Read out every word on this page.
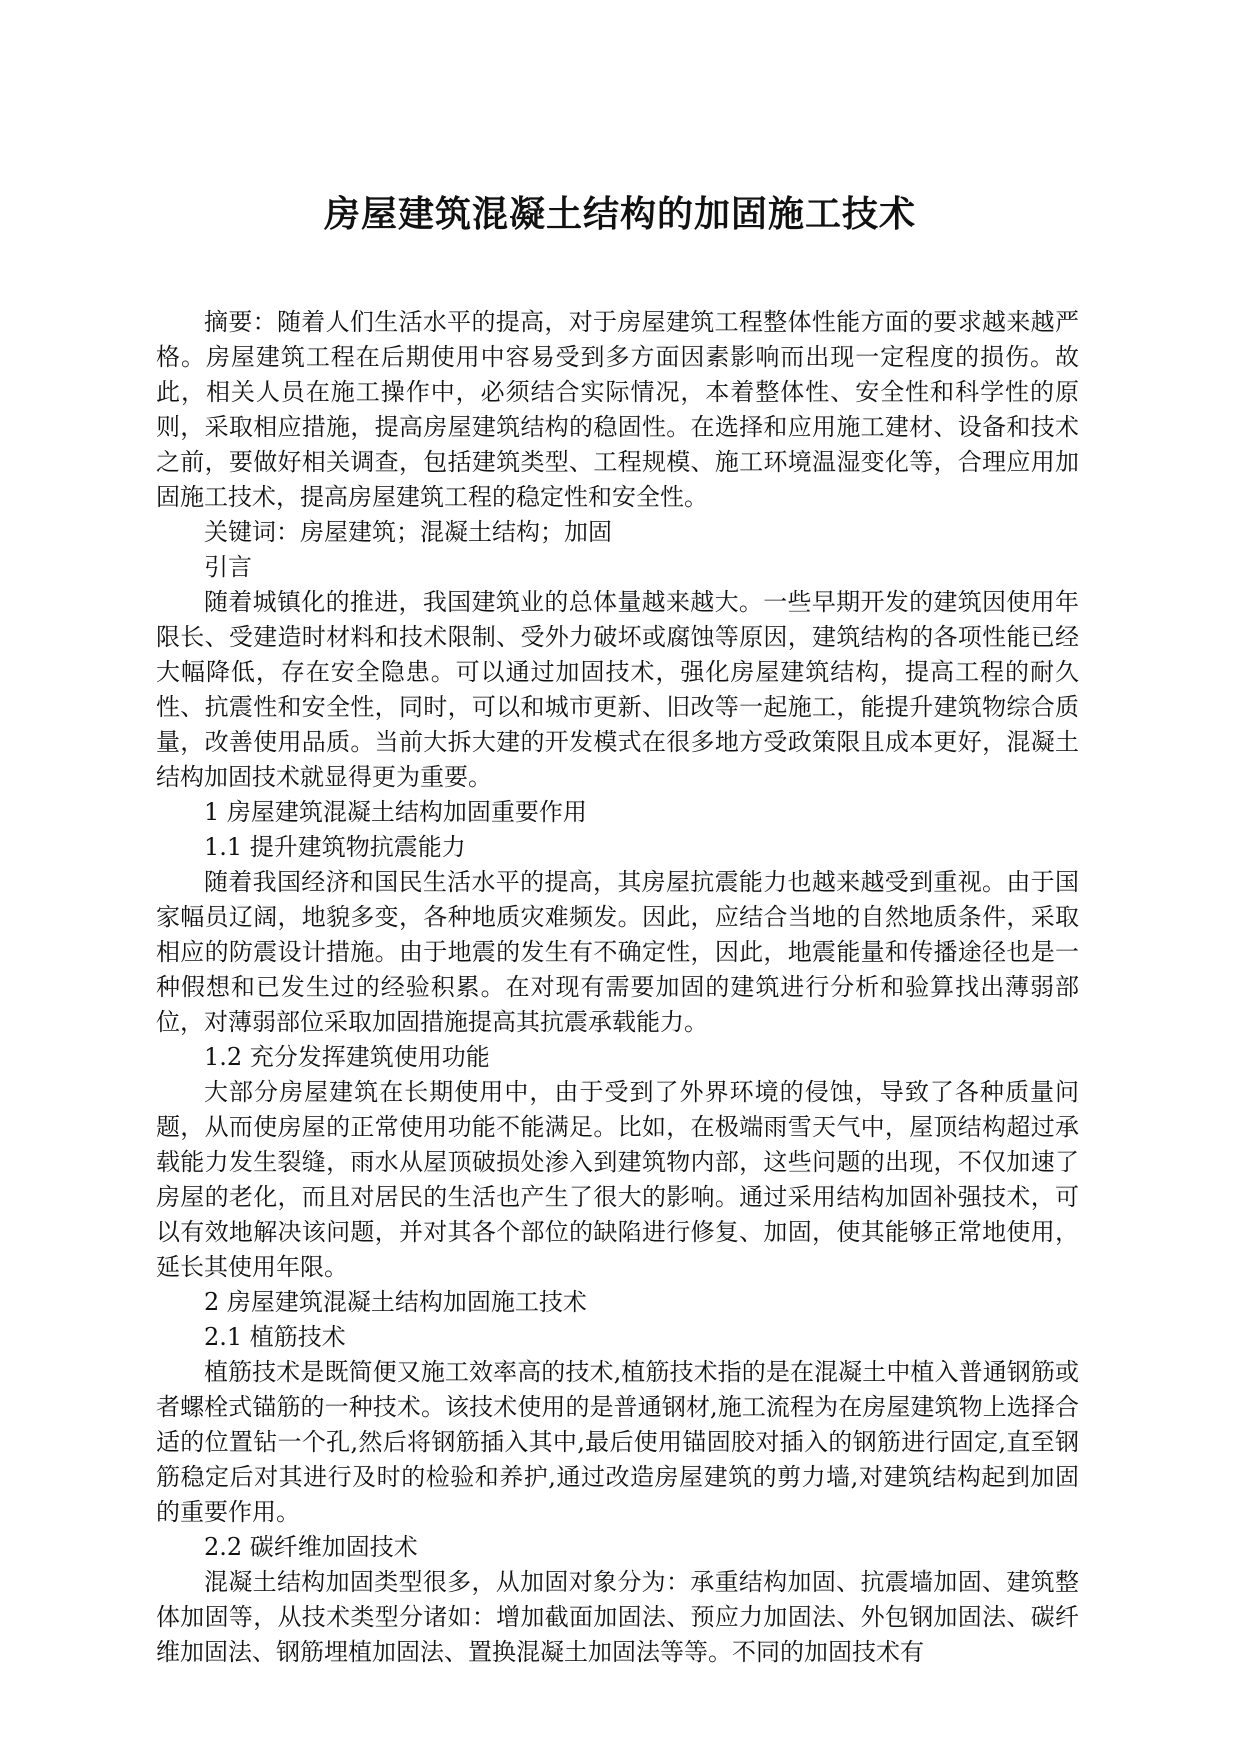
房屋建筑混凝土结构的加固施工技术

摘要：随着人们生活水平的提高，对于房屋建筑工程整体性能方面的要求越来越严格。房屋建筑工程在后期使用中容易受到多方面因素影响而出现一定程度的损伤。故此，相关人员在施工操作中，必须结合实际情况，本着整体性、安全性和科学性的原则，采取相应措施，提高房屋建筑结构的稳固性。在选择和应用施工建材、设备和技术之前，要做好相关调查，包括建筑类型、工程规模、施工环境温湿变化等，合理应用加固施工技术，提高房屋建筑工程的稳定性和安全性。

关键词：房屋建筑；混凝土结构；加固

引言

随着城镇化的推进，我国建筑业的总体量越来越大。一些早期开发的建筑因使用年限长、受建造时材料和技术限制、受外力破坏或腐蚀等原因，建筑结构的各项性能已经大幅降低，存在安全隐患。可以通过加固技术，强化房屋建筑结构，提高工程的耐久性、抗震性和安全性，同时，可以和城市更新、旧改等一起施工，能提升建筑物综合质量，改善使用品质。当前大拆大建的开发模式在很多地方受政策限且成本更好，混凝土结构加固技术就显得更为重要。

1 房屋建筑混凝土结构加固重要作用

1.1 提升建筑物抗震能力

随着我国经济和国民生活水平的提高，其房屋抗震能力也越来越受到重视。由于国家幅员辽阔，地貌多变，各种地质灾难频发。因此，应结合当地的自然地质条件，采取相应的防震设计措施。由于地震的发生有不确定性，因此，地震能量和传播途径也是一种假想和已发生过的经验积累。在对现有需要加固的建筑进行分析和验算找出薄弱部位，对薄弱部位采取加固措施提高其抗震承载能力。

1.2 充分发挥建筑使用功能

大部分房屋建筑在长期使用中，由于受到了外界环境的侵蚀，导致了各种质量问题，从而使房屋的正常使用功能不能满足。比如，在极端雨雪天气中，屋顶结构超过承载能力发生裂缝，雨水从屋顶破损处渗入到建筑物内部，这些问题的出现，不仅加速了房屋的老化，而且对居民的生活也产生了很大的影响。通过采用结构加固补强技术，可以有效地解决该问题，并对其各个部位的缺陷进行修复、加固，使其能够正常地使用，延长其使用年限。

2 房屋建筑混凝土结构加固施工技术

2.1 植筋技术

植筋技术是既简便又施工效率高的技术,植筋技术指的是在混凝土中植入普通钢筋或者螺栓式锚筋的一种技术。该技术使用的是普通钢材,施工流程为在房屋建筑物上选择合适的位置钻一个孔,然后将钢筋插入其中,最后使用锚固胶对插入的钢筋进行固定,直至钢筋稳定后对其进行及时的检验和养护,通过改造房屋建筑的剪力墙,对建筑结构起到加固的重要作用。

2.2 碳纤维加固技术

混凝土结构加固类型很多，从加固对象分为：承重结构加固、抗震墙加固、建筑整体加固等，从技术类型分诸如：增加截面加固法、预应力加固法、外包钢加固法、碳纤维加固法、钢筋埋植加固法、置换混凝土加固法等等。不同的加固技术有
